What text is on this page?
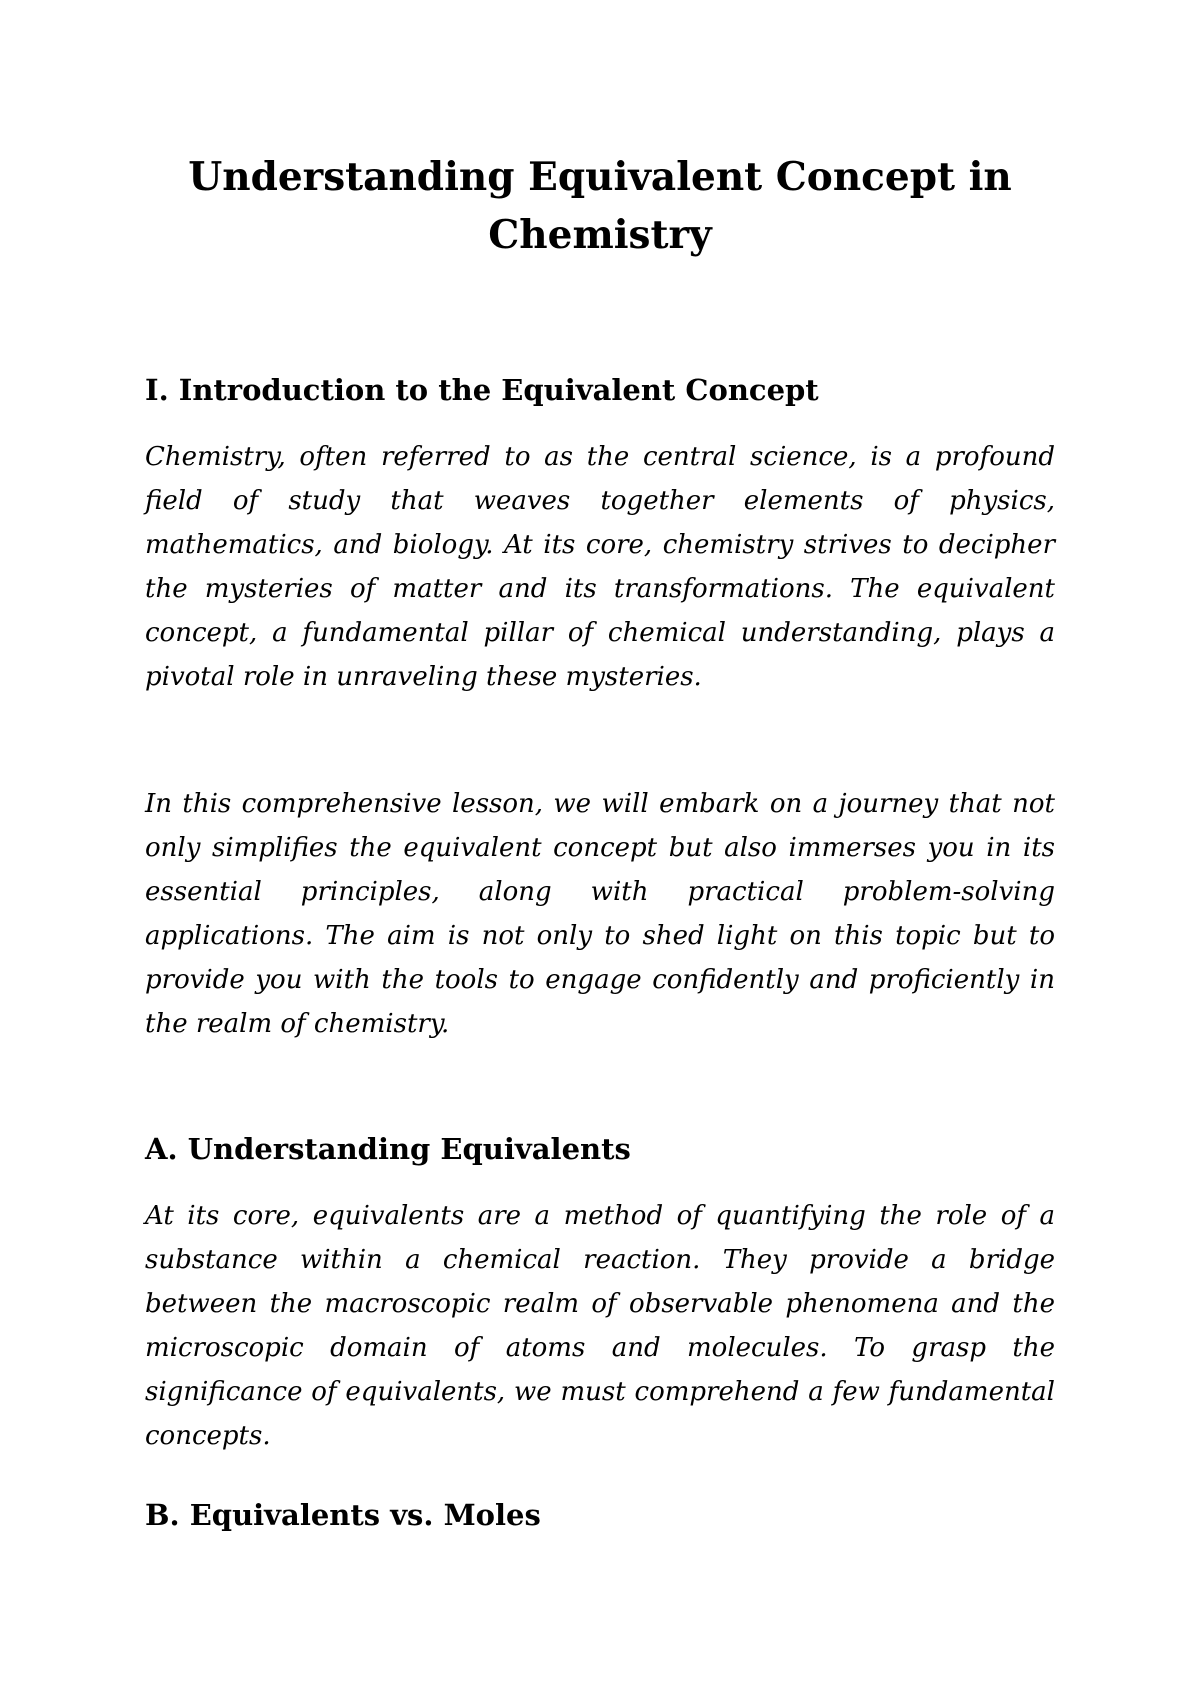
Understanding Equivalent Concept in Chemistry
I. Introduction to the Equivalent Concept

Chemistry, often referred to as the central science, is a profound field of study that weaves together elements of physics, mathematics, and biology. At its core, chemistry strives to decipher the mysteries of matter and its transformations. The equivalent concept, a fundamental pillar of chemical understanding, plays a pivotal role in unraveling these mysteries.

In this comprehensive lesson, we will embark on a journey that not only simplifies the equivalent concept but also immerses you in its essential principles, along with practical problem-solving applications. The aim is not only to shed light on this topic but to provide you with the tools to engage confidently and proficiently in the realm of chemistry.

A. Understanding Equivalents

At its core, equivalents are a method of quantifying the role of a substance within a chemical reaction. They provide a bridge between the macroscopic realm of observable phenomena and the microscopic domain of atoms and molecules. To grasp the significance of equivalents, we must comprehend a few fundamental concepts.

B. Equivalents vs. Moles
